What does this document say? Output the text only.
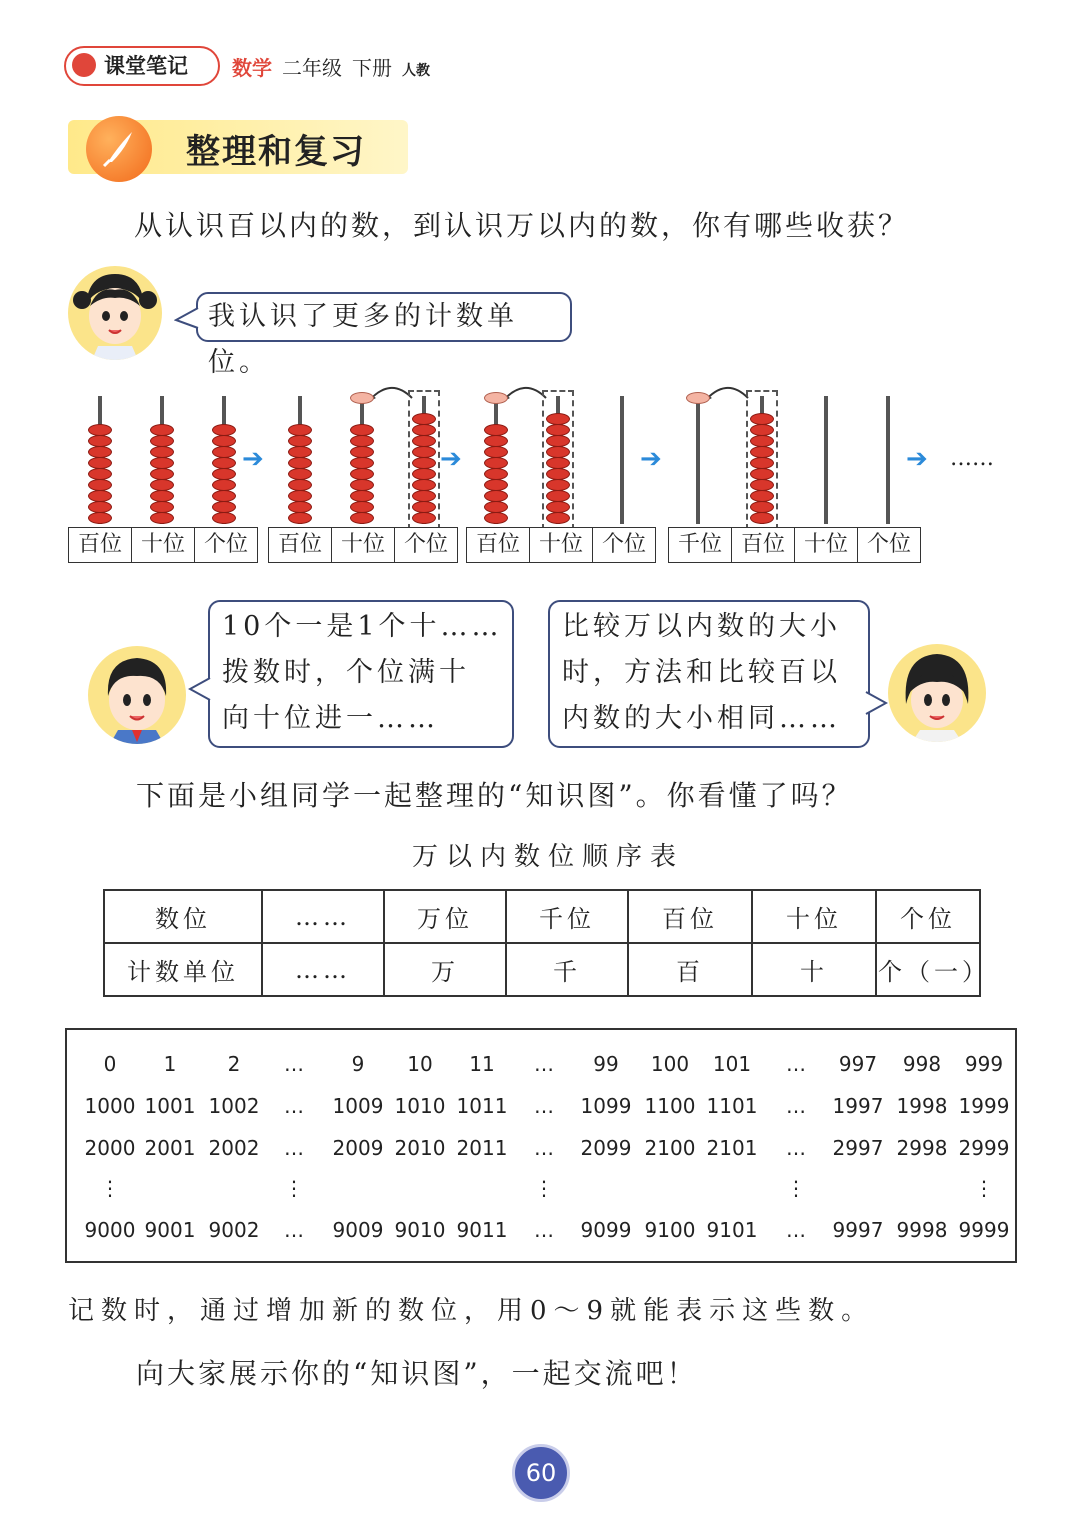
课堂笔记 数学 二年级 下册 人教
整理和复习
从认识百以内的数，到认识万以内的数，你有哪些收获？
我认识了更多的计数单位。
➔	➔	➔	➔ ……
百位 十位 个位	百位 十位 个位	百位 十位 个位	千位 百位 十位 个位
10个一是1个十……
拨数时，个位满十
向十位进一……
比较万以内数的大小
时，方法和比较百以
内数的大小相同……
下面是小组同学一起整理的“知识图”。你看懂了吗？
万以内数位顺序表
数位	……	万位	千位	百位	十位	个位
计数单位	……	万	千	百	十	个（一）
0	1	2	…	9	10	11	…	99	100	101	…	997	998	999
1000 1001 1002	…	1009 1010 1011	…	1099 1100 1101	…	1997 1998 1999
2000 2001 2002	…	2009 2010 2011	…	2099 2100 2101	…	2997 2998 2999
⋮	⋮	⋮	⋮	⋮
9000 9001 9002	…	9009 9010 9011	…	9099 9100 9101	…	9997 9998 9999
记数时，通过增加新的数位，用0～9就能表示这些数。
向大家展示你的“知识图”，一起交流吧！
60
